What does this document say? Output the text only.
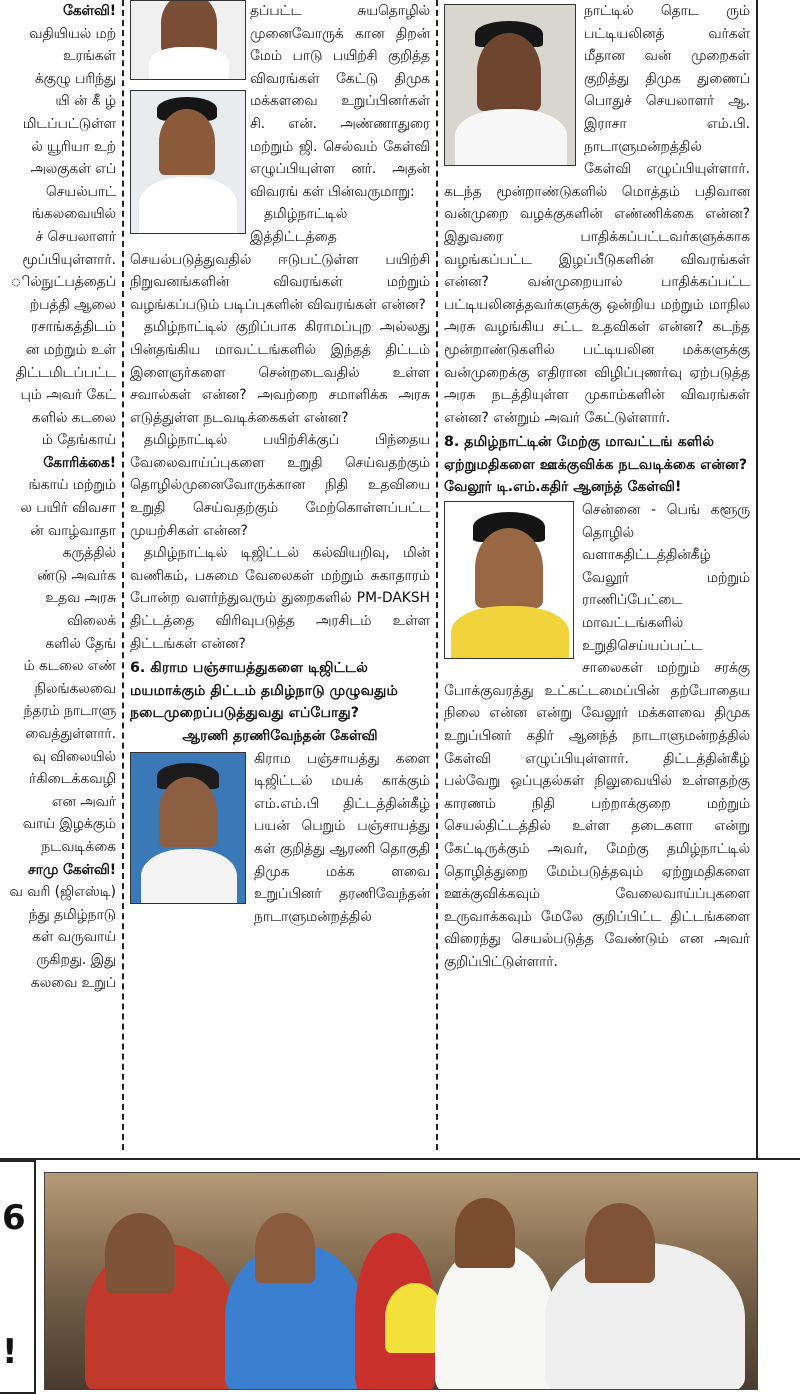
கேள்வி!
வதியியல் மற்
உரங்கள்
க்குழு பரிந்து
யி ன் கீ ழ்
மிடப்பட்டுள்ள
ல் யூரியா உற்
அலகுகள் எப்
செயல்பாட்
ங்கலவையில்
ச் செயலாளர்
மூப்பியுள்ளார்.
ில்நுட்பத்தைப்
ற்பத்தி ஆலை
ரசாங்கத்திடம்
ன மற்றும் உள்
திட்டமிடப்பட்ட
பும் அவர் கேட்
களில் கடலை
ம் தேங்காய்
கோரிக்கை!
ங்காய் மற்றும்
ல பயிர் விவசா
ன் வாழ்வாதா
கருத்தில்
ண்டு அவர்க
உதவ அரசு
விலைக்
களில் தேங்
ம் கடலை எண்
நிலங்கலவை
ந்தரம் நாடாளு
வைத்துள்ளார்.
வு விலையில்
ர்கிடைக்கவழி
என அவர்
வாய் இழக்கும்
நடவடிக்கை
சாமு கேள்வி!
வ வரி (ஜிஎஸ்டி)
ந்து தமிழ்நாடு
கள் வருவாய்
ருகிறது. இது
கலவை உறுப்

தப்பட்ட சுயதொழில் முனைவோருக் கான திறன் மேம் பாடு பயிற்சி குறித்த விவரங்கள் கேட்டு திமுக மக்களவை உறுப்பினர்கள் சி. என். அண்ணாதுரை மற்றும் ஜி. செல்வம் கேள்வி எழுப்பியுள்ள னர். அதன் விவரங் கள் பின்வருமாறு:

தமிழ்நாட்டில் இத்திட்டத்தை செயல்படுத்துவதில் ஈடுபட்டுள்ள பயிற்சி நிறுவனங்களின் விவரங்கள் மற்றும் வழங்கப்படும் படிப்புகளின் விவரங்கள் என்ன?

தமிழ்நாட்டில் குறிப்பாக கிராமப்புற அல்லது பின்தங்கிய மாவட்டங்களில் இந்தத் திட்டம் இளைஞர்களை சென்றடைவதில் உள்ள சவால்கள் என்ன? அவற்றை சமாளிக்க அரசு எடுத்துள்ள நடவடிக்கைகள் என்ன?

தமிழ்நாட்டில் பயிற்சிக்குப் பிந்தைய வேலைவாய்ப்புகளை உறுதி செய்வதற்கும் தொழில்முனைவோருக்கான நிதி உதவியை உறுதி செய்வதற்கும் மேற்கொள்ளப்பட்ட முயற்சிகள் என்ன?

தமிழ்நாட்டில் டிஜிட்டல் கல்வியறிவு, மின் வணிகம், பசுமை வேலைகள் மற்றும் சுகாதாரம் போன்ற வளர்ந்துவரும் துறைகளில் PM-DAKSH திட்டத்தை விரிவுபடுத்த அரசிடம் உள்ள திட்டங்கள் என்ன?

6. கிராம பஞ்சாயத்துகளை டிஜிட்டல் மயமாக்கும் திட்டம் தமிழ்நாடு முழுவதும் நடைமுறைப்படுத்துவது எப்போது?
ஆரணி தரணிவேந்தன் கேள்வி

கிராம பஞ்சாயத்து களை டிஜிட்டல் மயக் காக்கும் எம்.எம்.பி திட்டத்தின்கீழ் பயன் பெறும் பஞ்சாயத்து கள் குறித்து ஆரணி தொகுதி திமுக மக்க ளவை உறுப்பினர் தரணிவேந்தன் நாடாளுமன்றத்தில்

நாட்டில் தொட ரும் பட்டியலினத் வர்கள் மீதான வன் முறைகள் குறித்து திமுக துணைப் பொதுச் செயலாளர் ஆ. இராசா எம்.பி. நாடாளுமன்றத்தில்

கேள்வி எழுப்பியுள்ளார். கடந்த மூன்றாண்டுகளில் மொத்தம் பதிவான வன்முறை வழக்குகளின் எண்ணிக்கை என்ன? இதுவரை பாதிக்கப்பட்டவர்களுக்காக வழங்கப்பட்ட இழப்பீடுகளின் விவரங்கள் என்ன? வன்முறையால் பாதிக்கப்பட்ட பட்டியலினத்தவர்களுக்கு ஒன்றிய மற்றும் மாநில அரசு வழங்கிய சட்ட உதவிகள் என்ன? கடந்த மூன்றாண்டுகளில் பட்டியலின மக்களுக்கு வன்முறைக்கு எதிரான விழிப்புணர்வு ஏற்படுத்த அரசு நடத்தியுள்ள முகாம்களின் விவரங்கள் என்ன? என்றும் அவர் கேட்டுள்ளார்.

8. தமிழ்நாட்டின் மேற்கு மாவட்டங் களில் ஏற்றுமதிகளை ஊக்குவிக்க நடவடிக்கை என்ன?
வேலூர் டி.எம்.கதிர் ஆனந்த் கேள்வி!

சென்னை - பெங் களூரு தொழில் வளாகதிட்டத்தின்கீழ் வேலூர் மற்றும் ராணிப்பேட்டை மாவட்டங்களில் உறுதிசெய்யப்பட்ட

சாலைகள் மற்றும் சரக்கு போக்குவரத்து உட்கட்டமைப்பின் தற்போதைய நிலை என்ன என்று வேலூர் மக்களவை திமுக உறுப்பினர் கதிர் ஆனந்த் நாடாளுமன்றத்தில் கேள்வி எழுப்பியுள்ளார். திட்டத்தின்கீழ் பல்வேறு ஒப்புதல்கள் நிலுவையில் உள்ளதற்கு காரணம் நிதி பற்றாக்குறை மற்றும் செயல்திட்டத்தில் உள்ள தடைகளா என்று கேட்டிருக்கும் அவர், மேற்கு தமிழ்நாட்டில் தொழித்துறை மேம்படுத்தவும் ஏற்றுமதிகளை ஊக்குவிக்கவும் வேலைவாய்ப்புகளை உருவாக்கவும் மேலே குறிப்பிட்ட திட்டங்களை விரைந்து செயல்படுத்த வேண்டும் என அவர் குறிப்பிட்டுள்ளார்.

6
!
